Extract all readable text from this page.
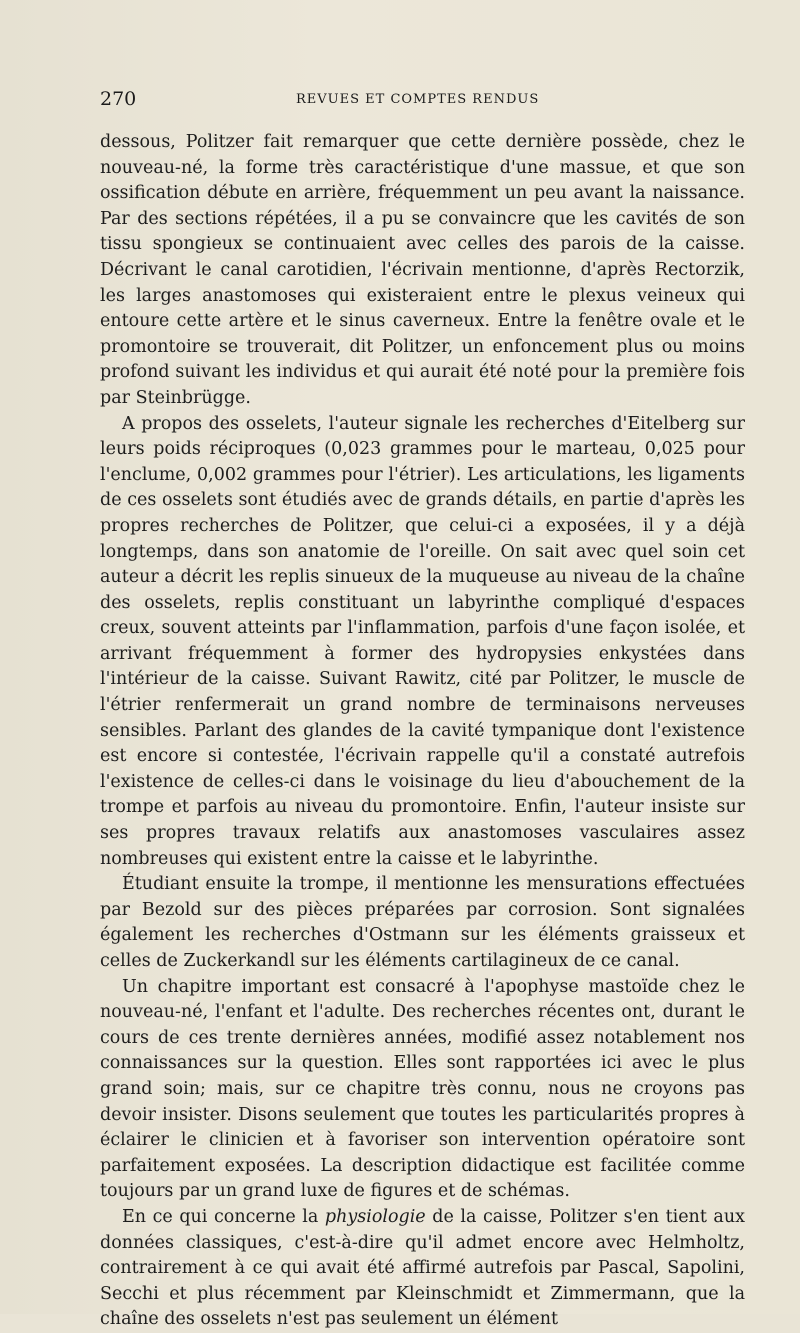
270	REVUES ET COMPTES RENDUS

dessous, Politzer fait remarquer que cette dernière possède, chez le nouveau-né, la forme très caractéristique d'une massue, et que son ossification débute en arrière, fréquemment un peu avant la naissance. Par des sections répétées, il a pu se convaincre que les cavités de son tissu spongieux se continuaient avec celles des parois de la caisse. Décrivant le canal carotidien, l'écrivain mentionne, d'après Rectorzik, les larges anastomoses qui existeraient entre le plexus veineux qui entoure cette artère et le sinus caverneux. Entre la fenêtre ovale et le promontoire se trouverait, dit Politzer, un enfoncement plus ou moins profond suivant les individus et qui aurait été noté pour la première fois par Steinbrügge.

A propos des osselets, l'auteur signale les recherches d'Eitelberg sur leurs poids réciproques (0,023 grammes pour le marteau, 0,025 pour l'enclume, 0,002 grammes pour l'étrier). Les articulations, les ligaments de ces osselets sont étudiés avec de grands détails, en partie d'après les propres recherches de Politzer, que celui-ci a exposées, il y a déjà longtemps, dans son anatomie de l'oreille. On sait avec quel soin cet auteur a décrit les replis sinueux de la muqueuse au niveau de la chaîne des osselets, replis constituant un labyrinthe compliqué d'espaces creux, souvent atteints par l'inflammation, parfois d'une façon isolée, et arrivant fréquemment à former des hydropysies enkystées dans l'intérieur de la caisse. Suivant Rawitz, cité par Politzer, le muscle de l'étrier renfermerait un grand nombre de terminaisons nerveuses sensibles. Parlant des glandes de la cavité tympanique dont l'existence est encore si contestée, l'écrivain rappelle qu'il a constaté autrefois l'existence de celles-ci dans le voisinage du lieu d'abouchement de la trompe et parfois au niveau du promontoire. Enfin, l'auteur insiste sur ses propres travaux relatifs aux anastomoses vasculaires assez nombreuses qui existent entre la caisse et le labyrinthe.

Étudiant ensuite la trompe, il mentionne les mensurations effectuées par Bezold sur des pièces préparées par corrosion. Sont signalées également les recherches d'Ostmann sur les éléments graisseux et celles de Zuckerkandl sur les éléments cartilagineux de ce canal.

Un chapitre important est consacré à l'apophyse mastoïde chez le nouveau-né, l'enfant et l'adulte. Des recherches récentes ont, durant le cours de ces trente dernières années, modifié assez notablement nos connaissances sur la question. Elles sont rapportées ici avec le plus grand soin; mais, sur ce chapitre très connu, nous ne croyons pas devoir insister. Disons seulement que toutes les particularités propres à éclairer le clinicien et à favoriser son intervention opératoire sont parfaitement exposées. La description didactique est facilitée comme toujours par un grand luxe de figures et de schémas.

En ce qui concerne la physiologie de la caisse, Politzer s'en tient aux données classiques, c'est-à-dire qu'il admet encore avec Helmholtz, contrairement à ce qui avait été affirmé autrefois par Pascal, Sapolini, Secchi et plus récemment par Kleinschmidt et Zimmermann, que la chaîne des osselets n'est pas seulement un élément
